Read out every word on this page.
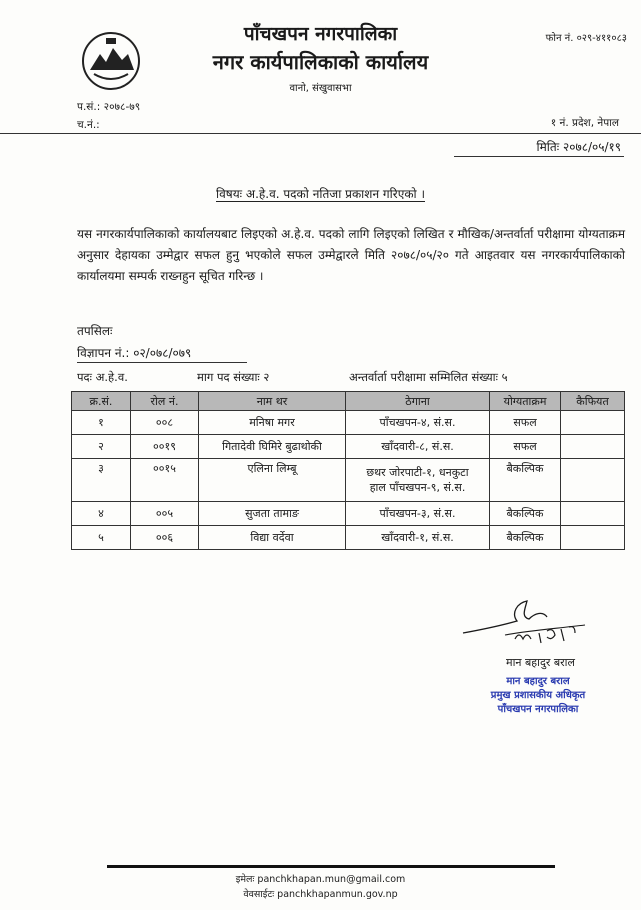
पाँचखपन नगरपालिका
नगर कार्यपालिकाको कार्यालय
वानो, संखुवासभा
फोन नं. ०२९-४११०८३
प.सं.: २०७८-७९
च.नं.:	१ नं. प्रदेश, नेपाल
मितिः २०७८/०५/१९
विषयः अ.हे.व. पदको नतिजा प्रकाशन गरिएको ।
यस नगरकार्यपालिकाको कार्यालयबाट लिइएको अ.हे.व. पदको लागि लिइएको लिखित र मौखिक/अन्तर्वार्ता परीक्षामा योग्यताक्रम अनुसार देहायका उम्मेद्वार सफल हुनु भएकोले सफल उम्मेद्वारले मिति २०७८/०५/२० गते आइतवार यस नगरकार्यपालिकाको कार्यालयमा सम्पर्क राख्नहुन सूचित गरिन्छ ।
तपसिलः
विज्ञापन नं.: ०२/०७८/०७९
पदः अ.हे.व.	माग पद संख्याः २	अन्तर्वार्ता परीक्षामा सम्मिलित संख्याः ५
क्र.सं.	रोल नं.	नाम थर	ठेगाना	योग्यताक्रम	कैफियत
१	००८	मनिषा मगर	पाँचखपन-४, सं.स.	सफल	
२	००१९	गितादेवी घिमिरे बुढाथोकी	खाँदवारी-८, सं.स.	सफल	
३	००१५	एलिना लिम्बू	छथर जोरपाटी-१, धनकुटा
हाल पाँचखपन-९, सं.स.	बैकल्पिक	
४	००५	सुजता तामाङ	पाँचखपन-३, सं.स.	बैकल्पिक	
५	००६	विद्या वर्देवा	खाँदवारी-१, सं.स.	बैकल्पिक	
मान बहादुर बराल
मान बहादुर बराल
प्रमुख प्रशासकीय अधिकृत
पाँचखपन नगरपालिका
इमेलः panchkhapan.mun@gmail.com
वेवसाईटः panchkhapanmun.gov.np
